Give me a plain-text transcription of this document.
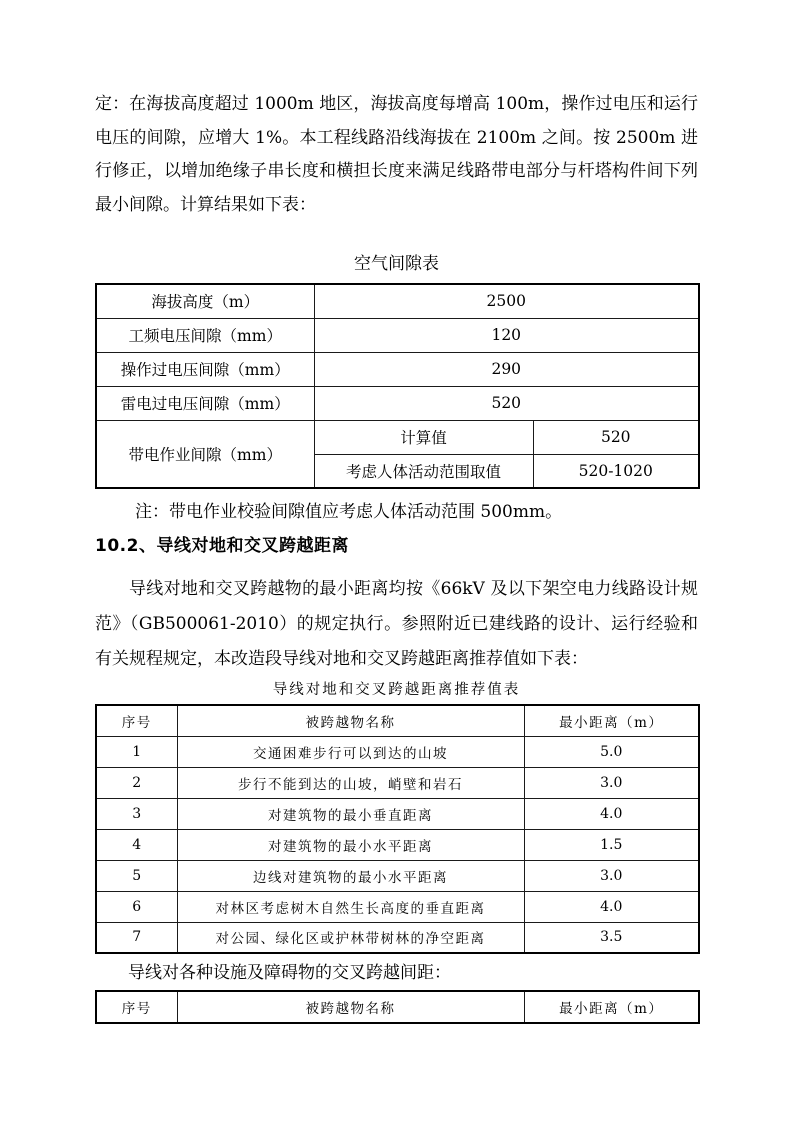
定：在海拔高度超过 1000m 地区，海拔高度每增高 100m，操作过电压和运行电压的间隙，应增大 1%。本工程线路沿线海拔在 2100m 之间。按 2500m 进行修正，以增加绝缘子串长度和横担长度来满足线路带电部分与杆塔构件间下列最小间隙。计算结果如下表：

空气间隙表
海拔高度（m）	2500	
工频电压间隙（mm）	120	
操作过电压间隙（mm）	290	
雷电过电压间隙（mm）	520	
带电作业间隙（mm）	计算值	520
	考虑人体活动范围取值	520-1020

注：带电作业校验间隙值应考虑人体活动范围 500mm。

10.2、导线对地和交叉跨越距离

导线对地和交叉跨越物的最小距离均按《66kV 及以下架空电力线路设计规范》（GB500061-2010）的规定执行。参照附近已建线路的设计、运行经验和有关规程规定，本改造段导线对地和交叉跨越距离推荐值如下表：

导线对地和交叉跨越距离推荐值表
序号	被跨越物名称	最小距离（m）
1	交通困难步行可以到达的山坡	5.0
2	步行不能到达的山坡，峭壁和岩石	3.0
3	对建筑物的最小垂直距离	4.0
4	对建筑物的最小水平距离	1.5
5	边线对建筑物的最小水平距离	3.0
6	对林区考虑树木自然生长高度的垂直距离	4.0
7	对公园、绿化区或护林带树林的净空距离	3.5

导线对各种设施及障碍物的交叉跨越间距：

序号	被跨越物名称	最小距离（m）
